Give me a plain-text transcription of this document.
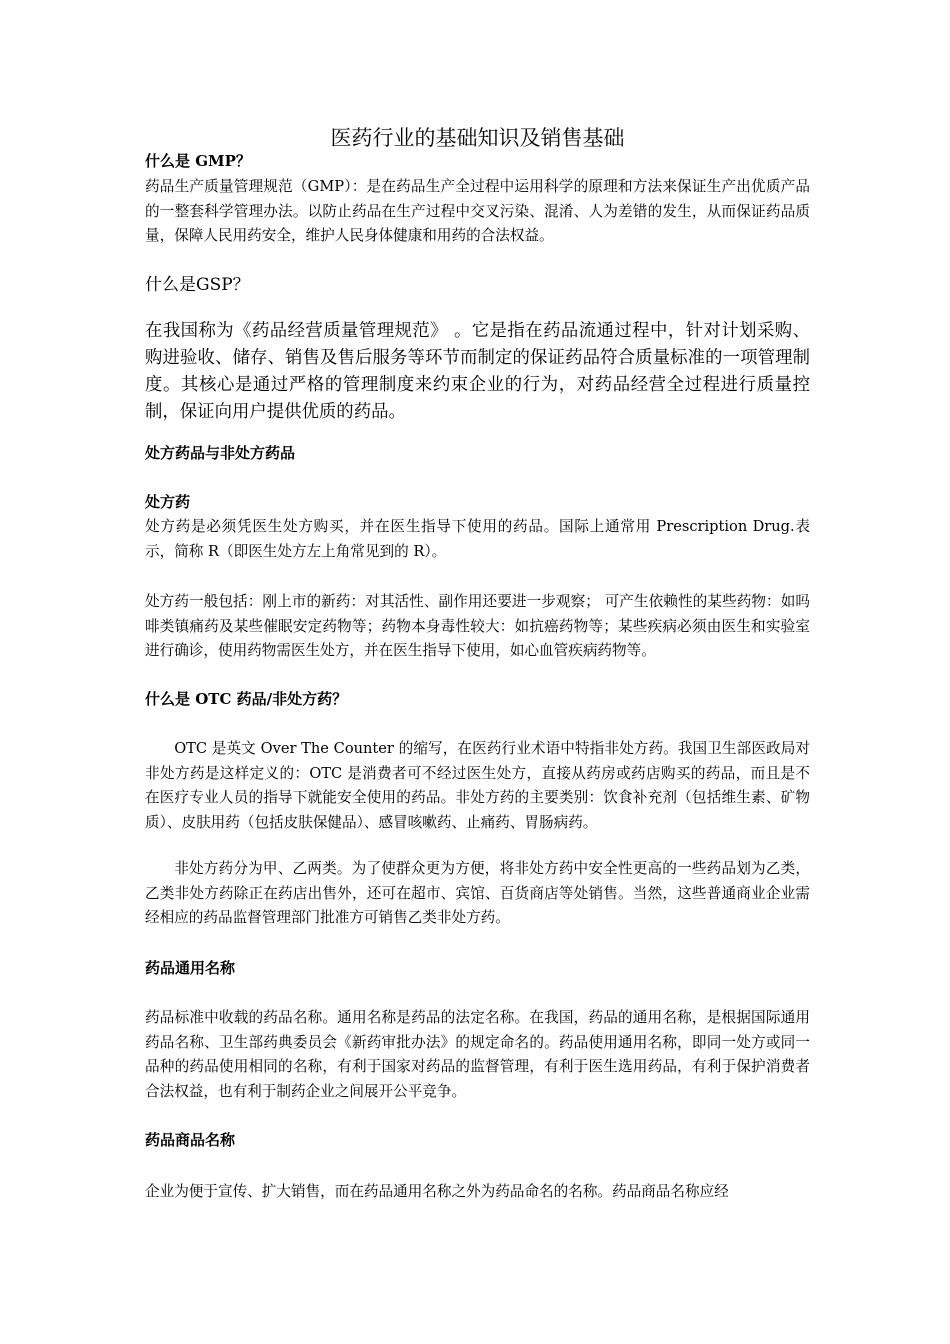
医药行业的基础知识及销售基础
什么是 GMP？
药品生产质量管理规范（GMP）：是在药品生产全过程中运用科学的原理和方法来保证生产出优质产品的一整套科学管理办法。以防止药品在生产过程中交叉污染、混淆、人为差错的发生，从而保证药品质量，保障人民用药安全，维护人民身体健康和用药的合法权益。
什么是GSP？
在我国称为《药品经营质量管理规范》 。它是指在药品流通过程中，针对计划采购、购进验收、储存、销售及售后服务等环节而制定的保证药品符合质量标准的一项管理制度。其核心是通过严格的管理制度来约束企业的行为，对药品经营全过程进行质量控制，保证向用户提供优质的药品。
处方药品与非处方药品
处方药
处方药是必须凭医生处方购买，并在医生指导下使用的药品。国际上通常用 Prescription Drug.表示，简称 R（即医生处方左上角常见到的 R）。
处方药一般包括：刚上市的新药：对其活性、副作用还要进一步观察； 可产生依赖性的某些药物：如吗啡类镇痛药及某些催眠安定药物等；药物本身毒性较大：如抗癌药物等；某些疾病必须由医生和实验室进行确诊，使用药物需医生处方，并在医生指导下使用，如心血管疾病药物等。
什么是 OTC 药品/非处方药？
OTC 是英文 Over The Counter 的缩写，在医药行业术语中特指非处方药。我国卫生部医政局对非处方药是这样定义的：OTC 是消费者可不经过医生处方，直接从药房或药店购买的药品，而且是不在医疗专业人员的指导下就能安全使用的药品。非处方药的主要类别：饮食补充剂（包括维生素、矿物质）、皮肤用药（包括皮肤保健品）、感冒咳嗽药、止痛药、胃肠病药。
非处方药分为甲、乙两类。为了使群众更为方便，将非处方药中安全性更高的一些药品划为乙类，乙类非处方药除正在药店出售外，还可在超市、宾馆、百货商店等处销售。当然，这些普通商业企业需经相应的药品监督管理部门批准方可销售乙类非处方药。
药品通用名称
药品标准中收载的药品名称。通用名称是药品的法定名称。在我国，药品的通用名称，是根据国际通用药品名称、卫生部药典委员会《新药审批办法》的规定命名的。药品使用通用名称，即同一处方或同一品种的药品使用相同的名称，有利于国家对药品的监督管理，有利于医生选用药品，有利于保护消费者合法权益，也有利于制药企业之间展开公平竞争。
药品商品名称
企业为便于宣传、扩大销售，而在药品通用名称之外为药品命名的名称。药品商品名称应经
